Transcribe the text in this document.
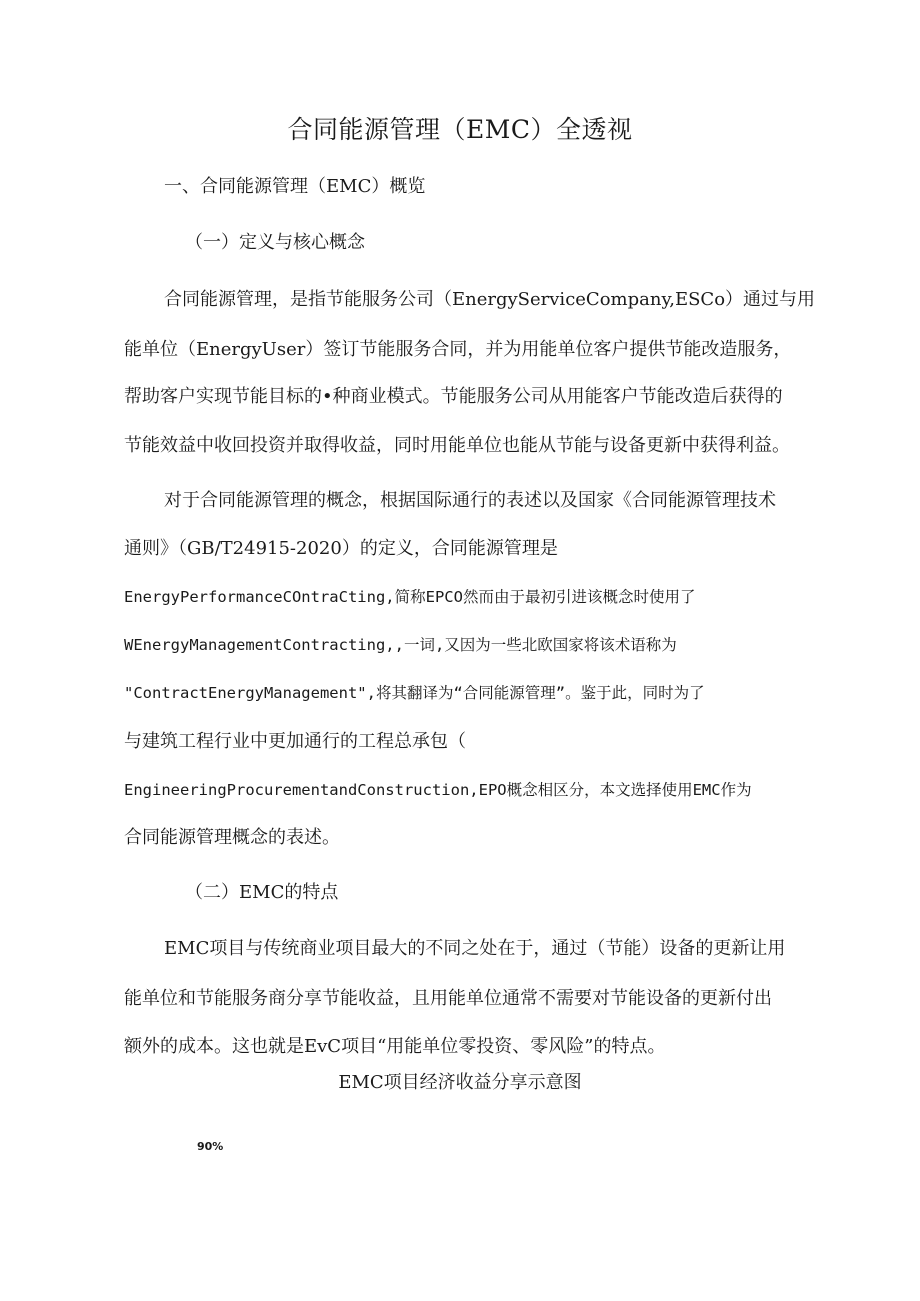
合同能源管理（EMC）全透视
一、合同能源管理（EMC）概览
（一）定义与核心概念
合同能源管理，是指节能服务公司（EnergyServiceCompany,ESCo）通过与用
能单位（EnergyUser）签订节能服务合同，并为用能单位客户提供节能改造服务，
帮助客户实现节能目标的•种商业模式。节能服务公司从用能客户节能改造后获得的
节能效益中收回投资并取得收益，同时用能单位也能从节能与设备更新中获得利益。
对于合同能源管理的概念，根据国际通行的表述以及国家《合同能源管理技术
通则》（GB/T24915-2020）的定义，合同能源管理是
EnergyPerformanceCOntraCting,简称EPCO然而由于最初引进该概念时使用了
WEnergyManagementContracting,,一词,又因为一些北欧国家将该术语称为
"ContractEnergyManagement",将其翻译为“合同能源管理”。鉴于此，同时为了
与建筑工程行业中更加通行的工程总承包（
EngineeringProcurementandConstruction,EPO概念相区分，本文选择使用EMC作为
合同能源管理概念的表述。
（二）EMC的特点
EMC项目与传统商业项目最大的不同之处在于，通过（节能）设备的更新让用
能单位和节能服务商分享节能收益，且用能单位通常不需要对节能设备的更新付出
额外的成本。这也就是EvC项目“用能单位零投资、零风险”的特点。
EMC项目经济收益分享示意图
90%
